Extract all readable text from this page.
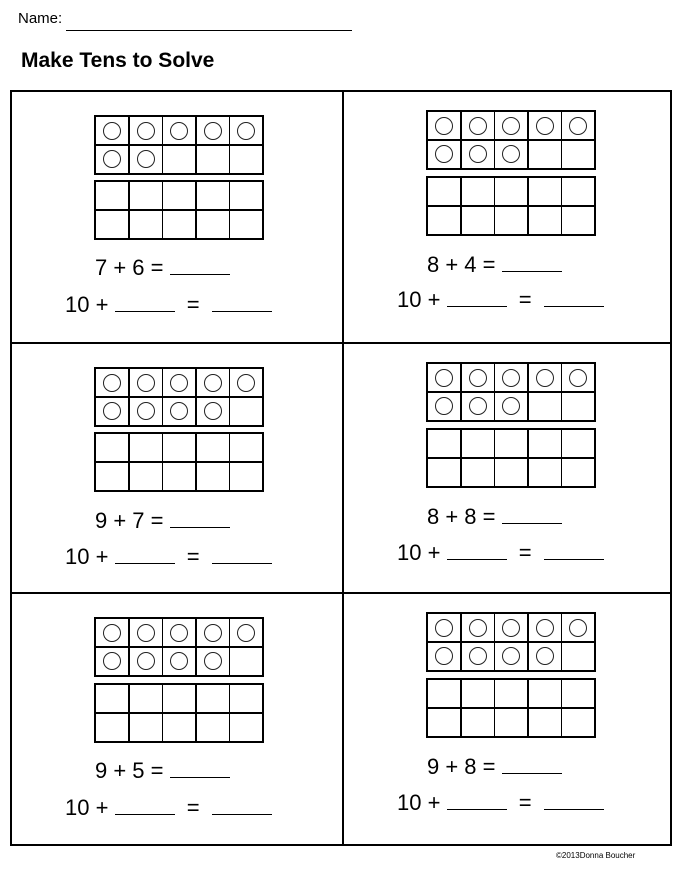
Name:
Make Tens to Solve
7 + 6 =
10 +	=
8 + 4 =
10 +	=
9 + 7 =
10 +	=
8 + 8 =
10 +	=
9 + 5 =
10 +	=
9 + 8 =
10 +	=
©2013Donna Boucher
